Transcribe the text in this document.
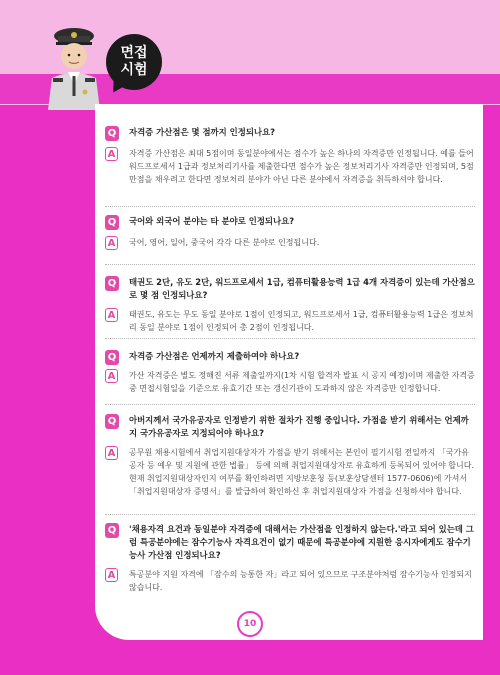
면접
시험
Q	자격증 가산점은 몇 점까지 인정되나요?
A	자격증 가산점은 최대 5점이며 동일분야에서는 점수가 높은 하나의 자격증만 인정됩니다. 예를 들어 워드프로세서 1급과 정보처리기사를 제출한다면 점수가 높은 정보처리기사 자격증만 인정되며, 5점 만점을 채우려고 한다면 정보처리 분야가 아닌 다른 분야에서 자격증을 취득하셔야 합니다.
Q	국어와 외국어 분야는 타 분야로 인정되나요?
A	국어, 영어, 일어, 중국어 각각 다른 분야로 인정됩니다.
Q	태권도 2단, 유도 2단, 워드프로세서 1급, 컴퓨터활용능력 1급 4개 자격증이 있는데 가산점으로 몇 점 인정되나요?
A	태권도, 유도는 무도 동일 분야로 1점이 인정되고, 워드프로세서 1급, 컴퓨터활용능력 1급은 정보처리 동일 분야로 1점이 인정되어 총 2점이 인정됩니다.
Q	자격증 가산점은 언제까지 제출하여야 하나요?
A	가산 자격증은 별도 정해진 서류 제출일까지(1차 시험 합격자 발표 시 공지 예정)이며 제출한 자격증 중 면접시험일을 기준으로 유효기간 또는 갱신기관이 도과하지 않은 자격증만 인정합니다.
Q	아버지께서 국가유공자로 인정받기 위한 절차가 진행 중입니다. 가점을 받기 위해서는 언제까지 국가유공자로 지정되어야 하나요?
A	공무원 채용시험에서 취업지원대상자가 가점을 받기 위해서는 본인이 필기시험 전일까지 「국가유공자 등 예우 및 지원에 관한 법률」 등에 의해 취업지원대상자로 유효하게 등록되어 있어야 합니다.
현재 취업지원대상자인지 여부를 확인하려면 지방보훈청 등(보훈상담센터 1577-0606)에 가셔서 「취업지원대상자 증명서」를 발급하여 확인하신 후 취업지원대상자 가점을 신청하셔야 합니다.
Q	'채용자격 요건과 동일분야 자격증에 대해서는 가산점을 인정하지 않는다.'라고 되어 있는데 그럼 특공분야에는 잠수기능사 자격요건이 없기 때문에 특공분야에 지원한 응시자에게도 잠수기능사 가산점 인정되나요?
A	특공분야 지원 자격에 「잠수의 능통한 자」라고 되어 있으므로 구조분야처럼 잠수기능사 인정되지 않습니다.
10
